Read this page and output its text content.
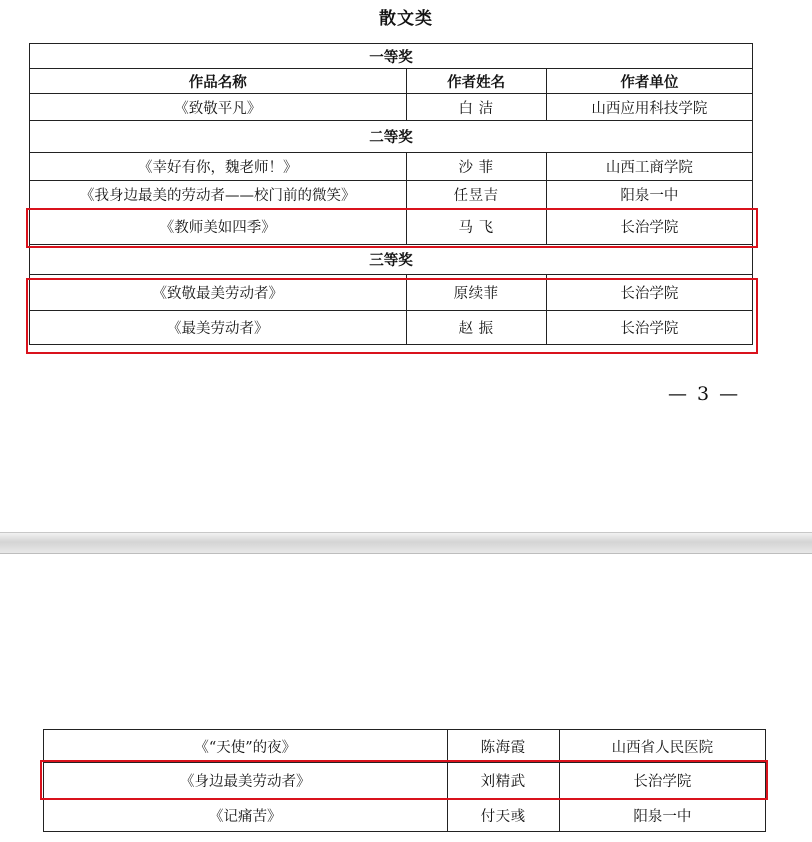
散文类
一等奖		
作品名称	作者姓名	作者单位
《致敬平凡》	白 洁	山西应用科技学院
二等奖		
《幸好有你，魏老师！》	沙 菲	山西工商学院
《我身边最美的劳动者——校门前的微笑》	任昱吉	阳泉一中
《教师美如四季》	马 飞	长治学院
三等奖		
《致敬最美劳动者》	原续菲	长治学院
《最美劳动者》	赵 振	长治学院
— 3 —
《“天使”的夜》	陈海霞	山西省人民医院
《身边最美劳动者》	刘精武	长治学院
《记痛苦》	付天彧	阳泉一中
